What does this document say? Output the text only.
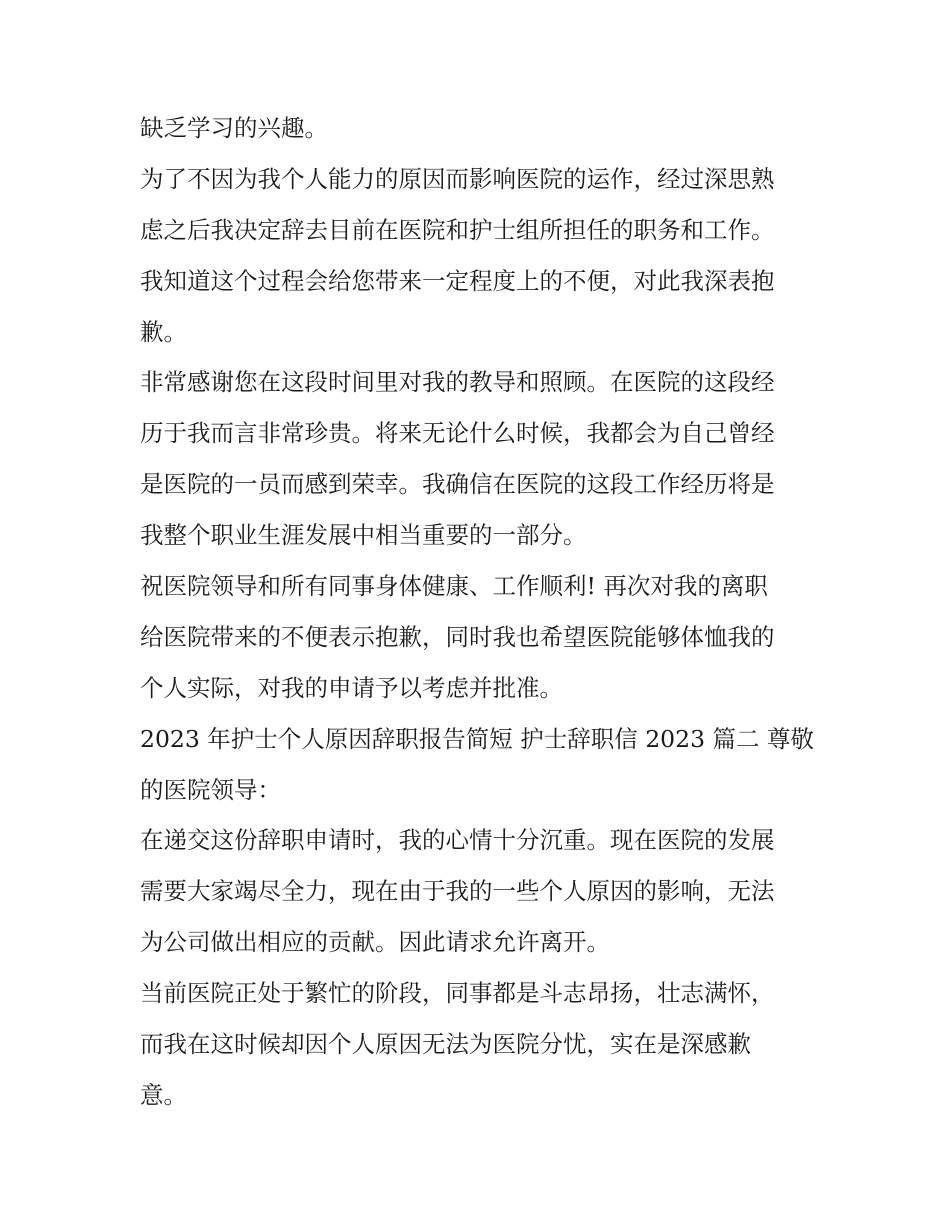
缺乏学习的兴趣。

为了不因为我个人能力的原因而影响医院的运作，经过深思熟
虑之后我决定辞去目前在医院和护士组所担任的职务和工作。
我知道这个过程会给您带来一定程度上的不便，对此我深表抱
歉。

非常感谢您在这段时间里对我的教导和照顾。在医院的这段经
历于我而言非常珍贵。将来无论什么时候，我都会为自己曾经
是医院的一员而感到荣幸。我确信在医院的这段工作经历将是
我整个职业生涯发展中相当重要的一部分。

祝医院领导和所有同事身体健康、工作顺利! 再次对我的离职
给医院带来的不便表示抱歉，同时我也希望医院能够体恤我的
个人实际，对我的申请予以考虑并批准。

2023 年护士个人原因辞职报告简短 护士辞职信 2023 篇二 尊敬
的医院领导：

在递交这份辞职申请时，我的心情十分沉重。现在医院的发展
需要大家竭尽全力，现在由于我的一些个人原因的影响，无法
为公司做出相应的贡献。因此请求允许离开。

当前医院正处于繁忙的阶段，同事都是斗志昂扬，壮志满怀，
而我在这时候却因个人原因无法为医院分忧，实在是深感歉
意。
